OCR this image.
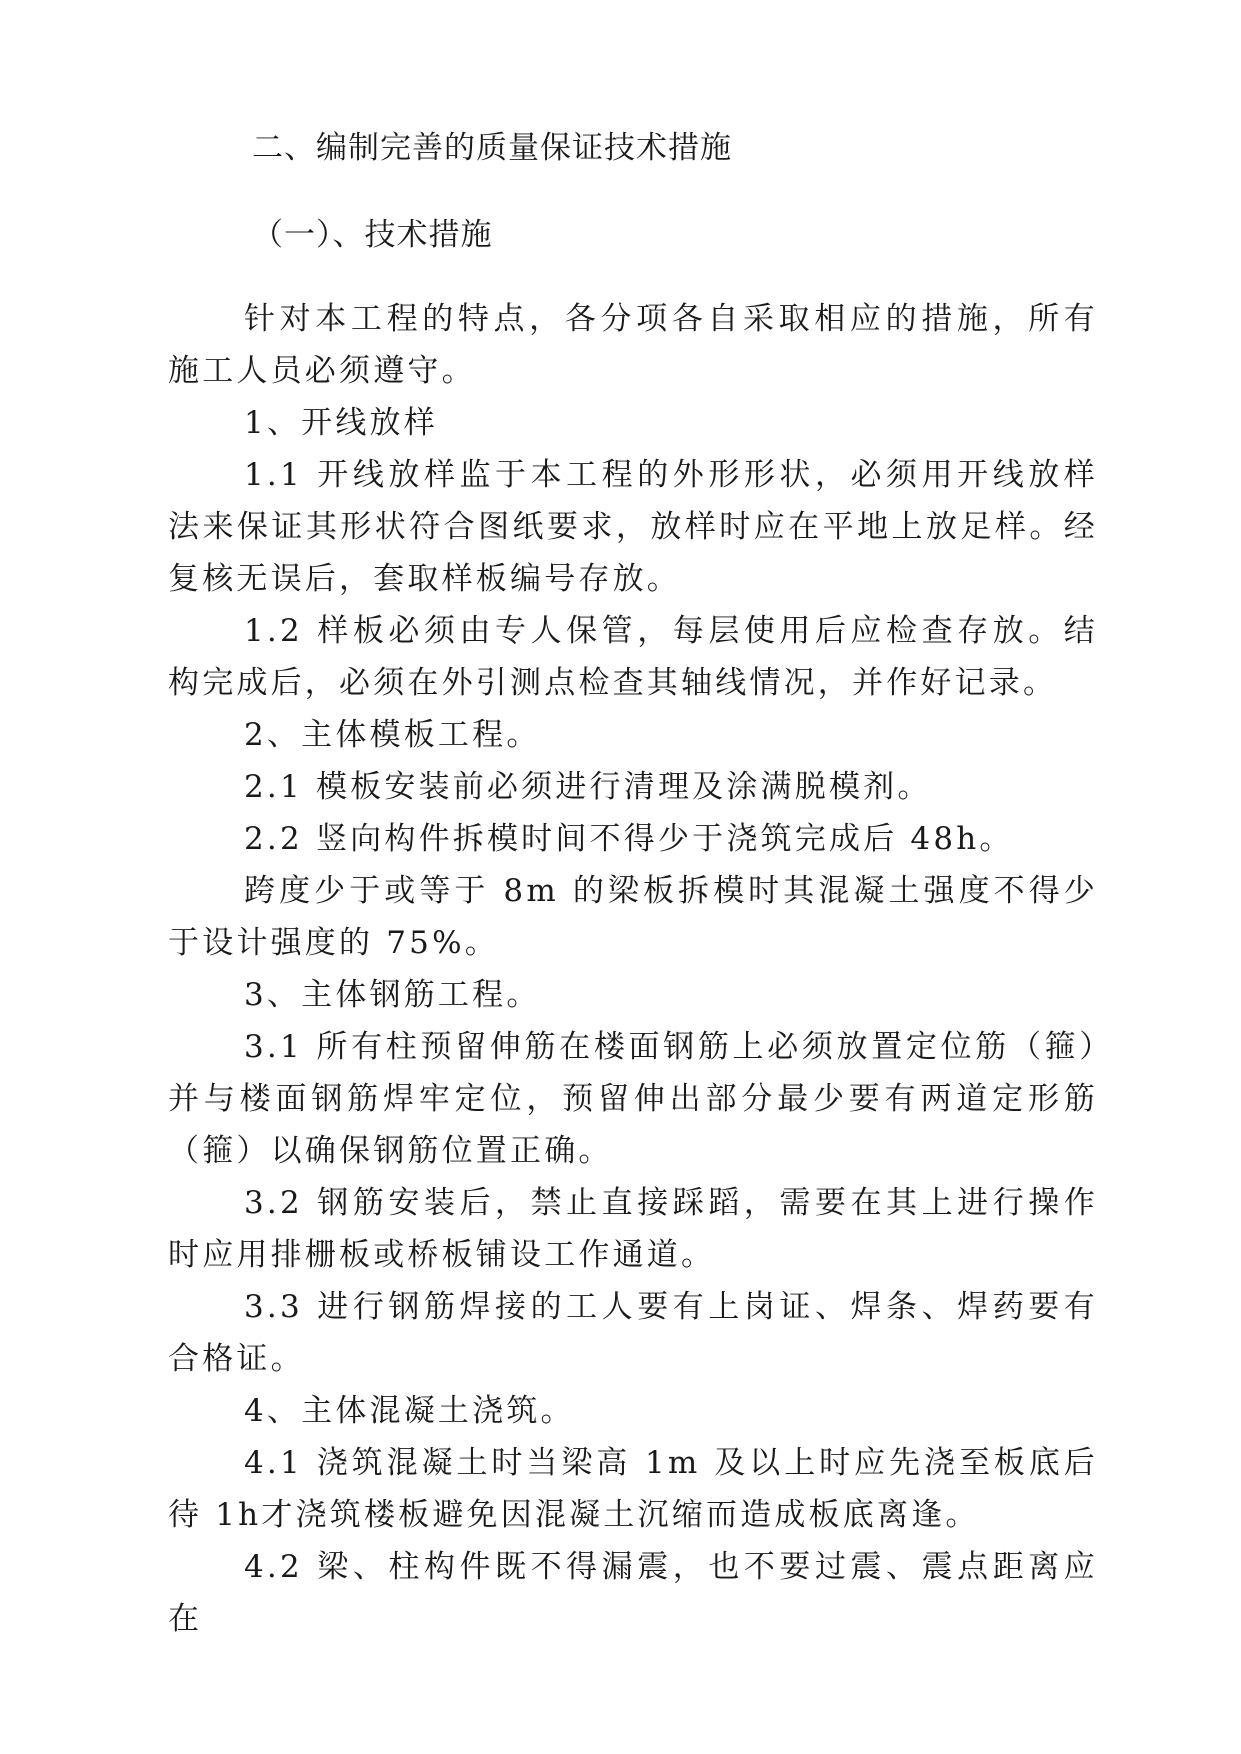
二、编制完善的质量保证技术措施

（一）、技术措施

针对本工程的特点，各分项各自采取相应的措施，所有施工人员必须遵守。

1、开线放样

1.1 开线放样监于本工程的外形形状，必须用开线放样法来保证其形状符合图纸要求，放样时应在平地上放足样。经复核无误后，套取样板编号存放。

1.2 样板必须由专人保管，每层使用后应检查存放。结构完成后，必须在外引测点检查其轴线情况，并作好记录。

2、主体模板工程。

2.1 模板安装前必须进行清理及涂满脱模剂。

2.2 竖向构件拆模时间不得少于浇筑完成后 48h。

跨度少于或等于 8m 的梁板拆模时其混凝土强度不得少于设计强度的 75%。

3、主体钢筋工程。

3.1 所有柱预留伸筋在楼面钢筋上必须放置定位筋（箍）并与楼面钢筋焊牢定位，预留伸出部分最少要有两道定形筋（箍）以确保钢筋位置正确。

3.2 钢筋安装后，禁止直接踩蹈，需要在其上进行操作时应用排栅板或桥板铺设工作通道。

3.3 进行钢筋焊接的工人要有上岗证、焊条、焊药要有合格证。

4、主体混凝土浇筑。

4.1 浇筑混凝土时当梁高 1m 及以上时应先浇至板底后待 1h才浇筑楼板避免因混凝土沉缩而造成板底离逢。

4.2 梁、柱构件既不得漏震，也不要过震、震点距离应在
